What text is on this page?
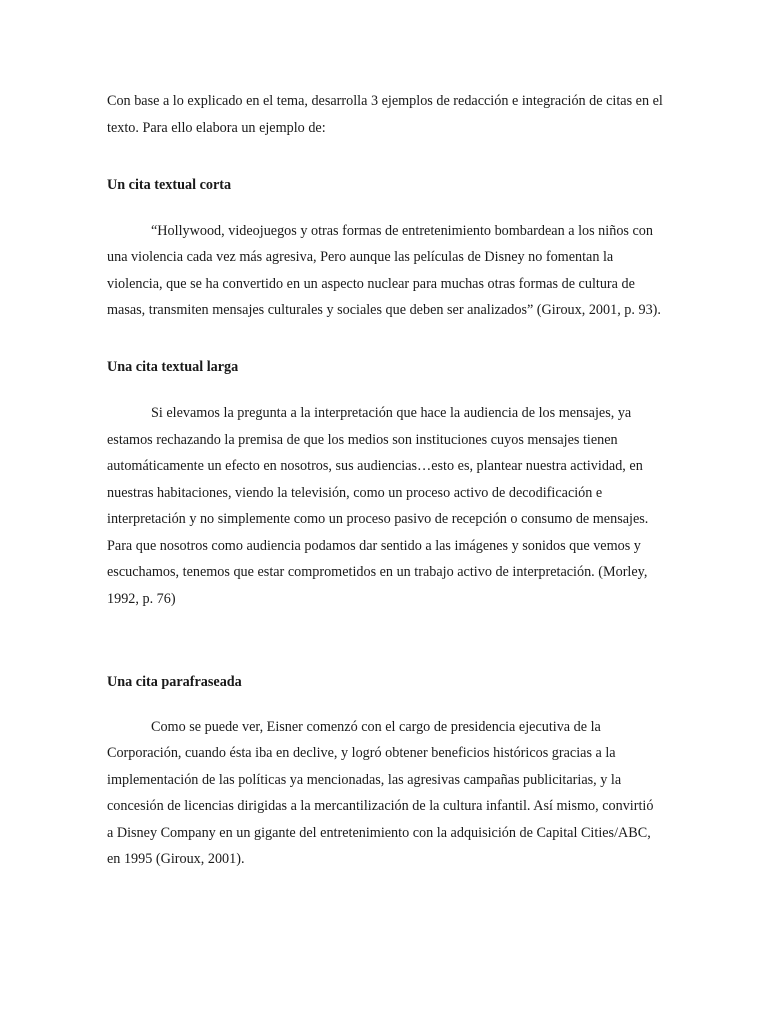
Con base a lo explicado en el tema, desarrolla 3 ejemplos de redacción e integración de citas en el texto. Para ello elabora un ejemplo de:

Un cita textual corta

“Hollywood, videojuegos y otras formas de entretenimiento bombardean a los niños con una violencia cada vez más agresiva, Pero aunque las películas de Disney no fomentan la violencia, que se ha convertido en un aspecto nuclear para muchas otras formas de cultura de masas, transmiten mensajes culturales y sociales que deben ser analizados” (Giroux, 2001, p. 93).

Una cita textual larga

Si elevamos la pregunta a la interpretación que hace la audiencia de los mensajes, ya estamos rechazando la premisa de que los medios son instituciones cuyos mensajes tienen automáticamente un efecto en nosotros, sus audiencias…esto es, plantear nuestra actividad, en nuestras habitaciones, viendo la televisión, como un proceso activo de decodificación e interpretación y no simplemente como un proceso pasivo de recepción o consumo de mensajes. Para que nosotros como audiencia podamos dar sentido a las imágenes y sonidos que vemos y escuchamos, tenemos que estar comprometidos en un trabajo activo de interpretación. (Morley, 1992, p. 76)

Una cita parafraseada

Como se puede ver, Eisner comenzó con el cargo de presidencia ejecutiva de la Corporación, cuando ésta iba en declive, y logró obtener beneficios históricos gracias a la implementación de las políticas ya mencionadas, las agresivas campañas publicitarias, y la concesión de licencias dirigidas a la mercantilización de la cultura infantil. Así mismo, convirtió a Disney Company en un gigante del entretenimiento con la adquisición de Capital Cities/ABC, en 1995 (Giroux, 2001).
